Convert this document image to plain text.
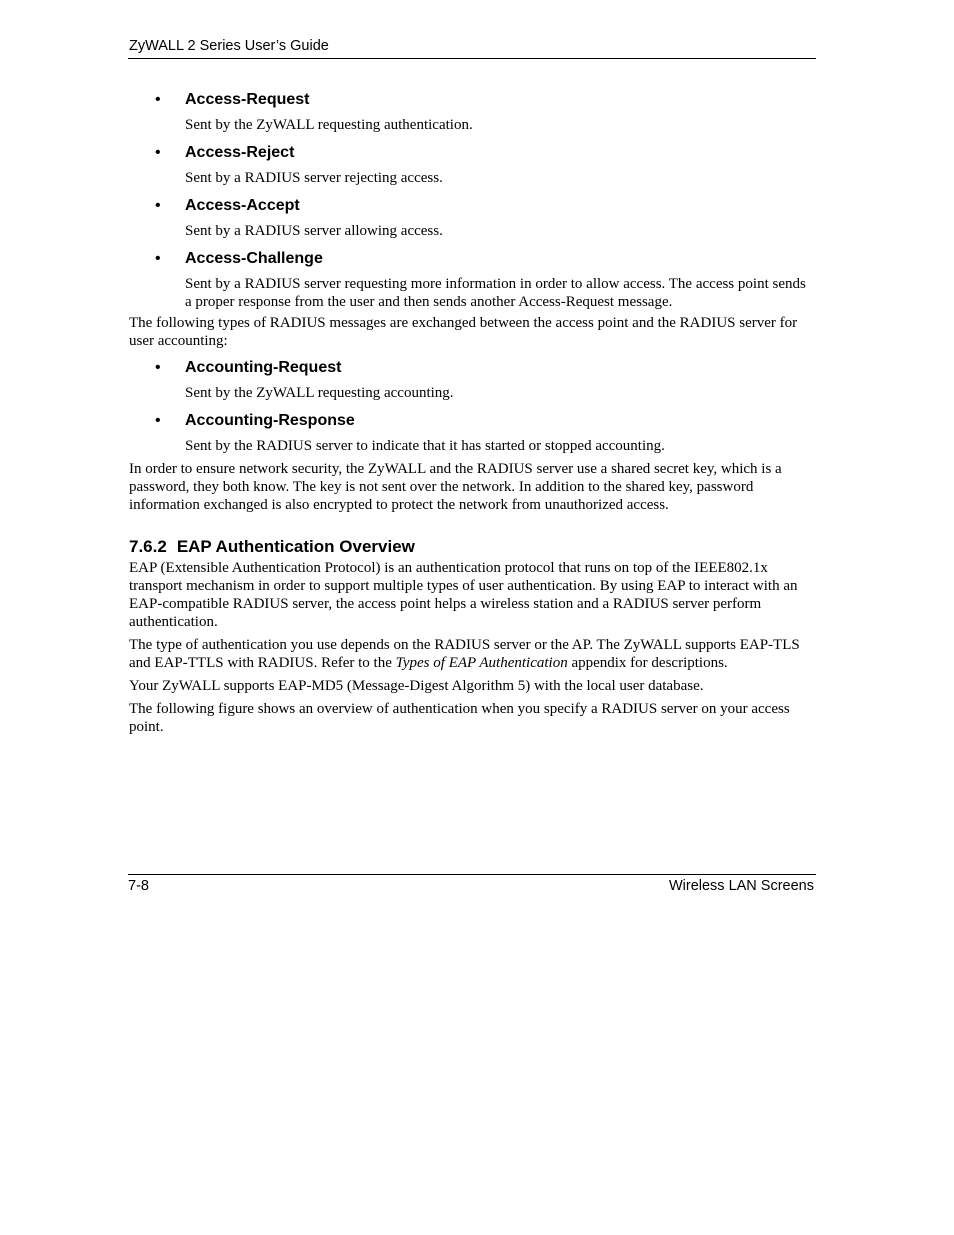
ZyWALL 2 Series User’s Guide
• Access-Request
Sent by the ZyWALL requesting authentication.
• Access-Reject
Sent by a RADIUS server rejecting access.
• Access-Accept
Sent by a RADIUS server allowing access.
• Access-Challenge
Sent by a RADIUS server requesting more information in order to allow access. The access point sends a proper response from the user and then sends another Access-Request message.
The following types of RADIUS messages are exchanged between the access point and the RADIUS server for user accounting:
• Accounting-Request
Sent by the ZyWALL requesting accounting.
• Accounting-Response
Sent by the RADIUS server to indicate that it has started or stopped accounting.
In order to ensure network security, the ZyWALL and the RADIUS server use a shared secret key, which is a password, they both know. The key is not sent over the network. In addition to the shared key, password information exchanged is also encrypted to protect the network from unauthorized access.
7.6.2 EAP Authentication Overview
EAP (Extensible Authentication Protocol) is an authentication protocol that runs on top of the IEEE802.1x transport mechanism in order to support multiple types of user authentication. By using EAP to interact with an EAP-compatible RADIUS server, the access point helps a wireless station and a RADIUS server perform authentication.
The type of authentication you use depends on the RADIUS server or the AP. The ZyWALL supports EAP-TLS and EAP-TTLS with RADIUS. Refer to the Types of EAP Authentication appendix for descriptions.
Your ZyWALL supports EAP-MD5 (Message-Digest Algorithm 5) with the local user database.
The following figure shows an overview of authentication when you specify a RADIUS server on your access point.
7-8	Wireless LAN Screens
